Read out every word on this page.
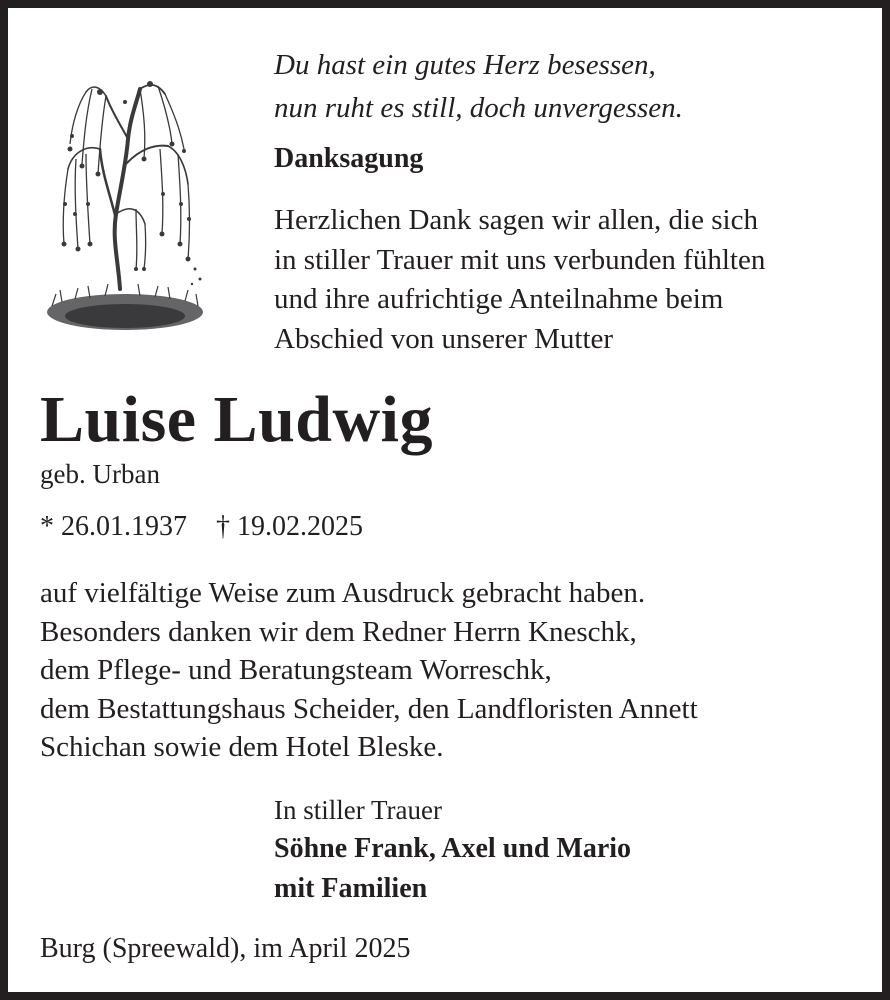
Du hast ein gutes Herz besessen,
nun ruht es still, doch unvergessen.
Danksagung
Herzlichen Dank sagen wir allen, die sich
in stiller Trauer mit uns verbunden fühlten
und ihre aufrichtige Anteilnahme beim
Abschied von unserer Mutter
Luise Ludwig
geb. Urban
* 26.01.1937 † 19.02.2025
auf vielfältige Weise zum Ausdruck gebracht haben.
Besonders danken wir dem Redner Herrn Kneschk,
dem Pflege- und Beratungsteam Worreschk,
dem Bestattungshaus Scheider, den Landfloristen Annett
Schichan sowie dem Hotel Bleske.
In stiller Trauer
Söhne Frank, Axel und Mario
mit Familien
Burg (Spreewald), im April 2025
